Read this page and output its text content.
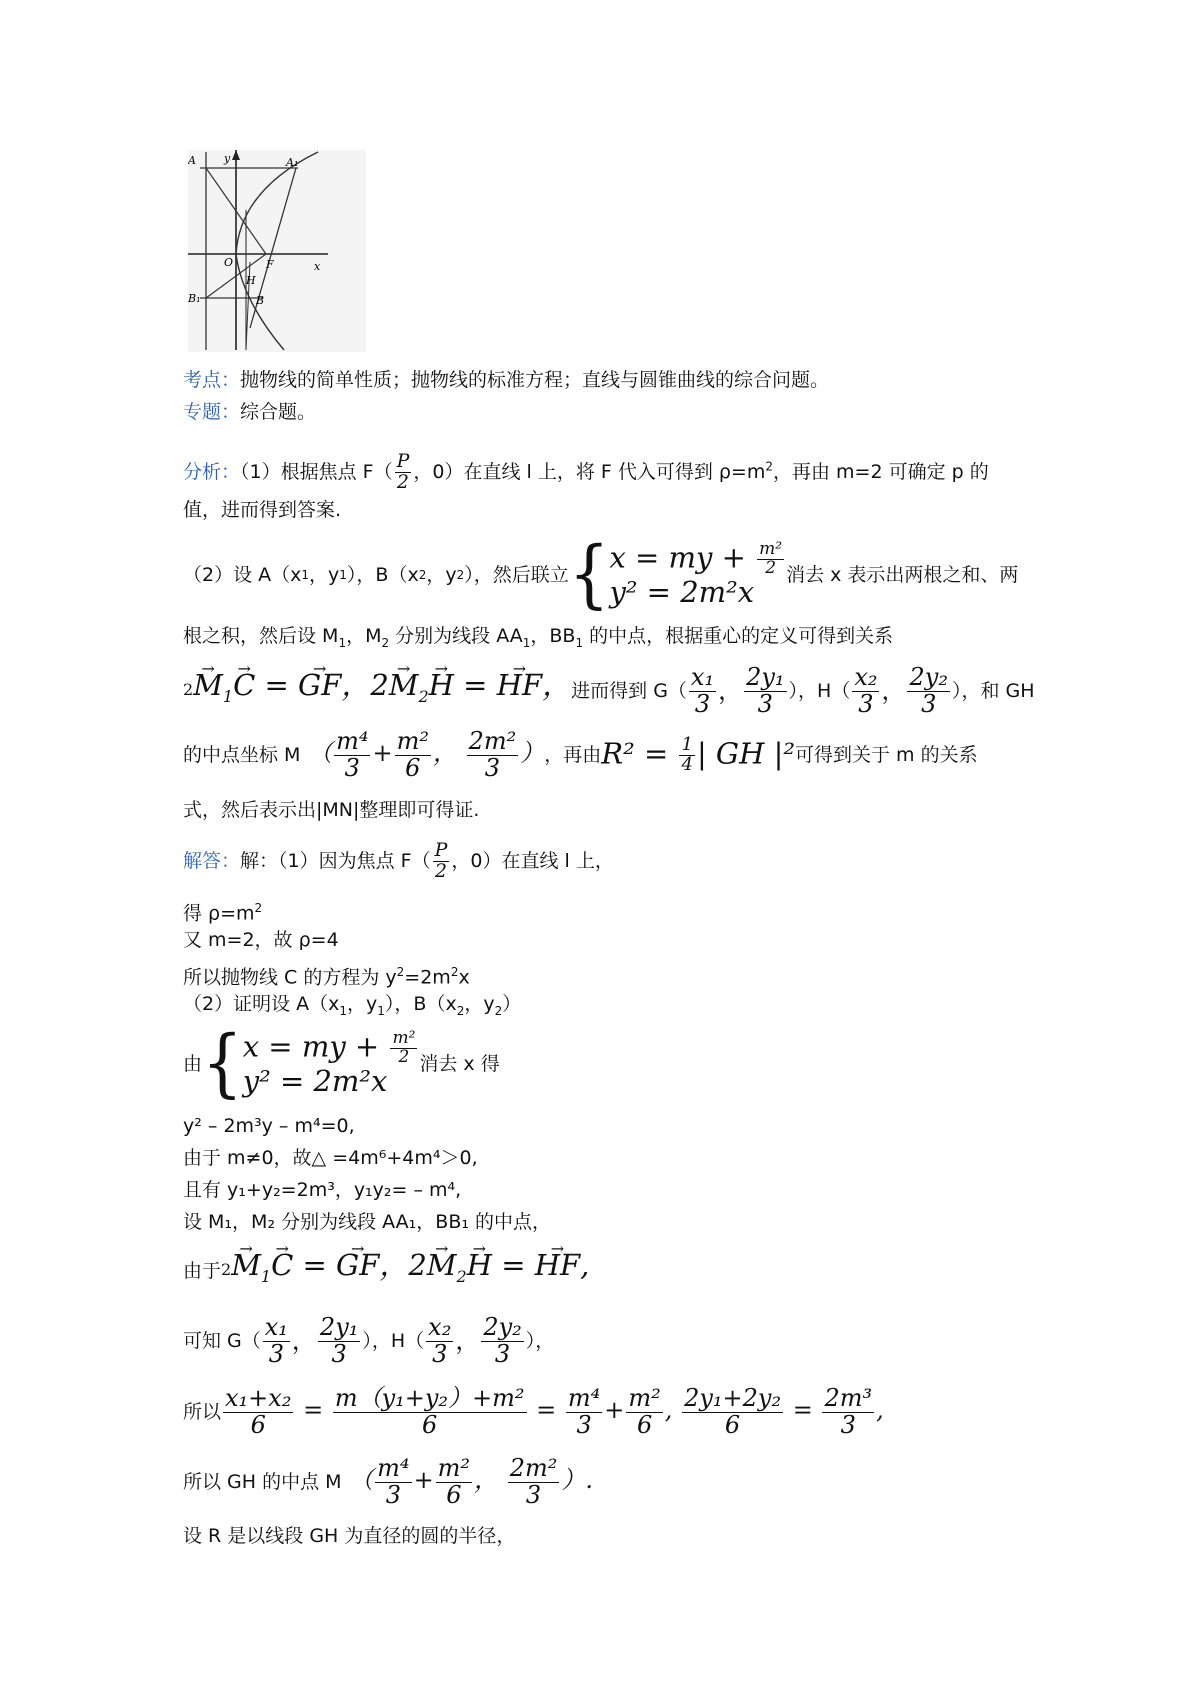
y	A₁
A
O	F	x
H
B₁	B
考点：抛物线的简单性质；抛物线的标准方程；直线与圆锥曲线的综合问题。
专题：综合题。
分析：（1）根据焦点 $F( \frac{P}{2}$ ，0）在直线 l 上，将 F 代入可得到 $\rho=m^2$，再由 m=2 可确定 p 的
值，进而得到答案.
（2）设 A（x 1 ，y 1 ），B（x 2 ，y 2 ），然后联立 { x = my + $\frac{\text{m²}}{2}$
y² = 2m²x
消去 x 表示出两根之和、两
根之积，然后设 $M_1$，$M_2$ 分别为线段 $AA_1$，$BB_1$ 的中点，根据重心的定义可得到关系
$2\to M_1\to C$ = → GF，$2\to M_2\to H$ = → HF， 进而得到 $G( \frac{\text{x₁}}{3}$ ， $\frac{\text{2y₁}}{3}$ ），$H( \frac{\text{x₂}}{3}$ ， $\frac{\text{2y₂}}{3}$ ），和 GH
的中点坐标 M （ $\frac{\text{m⁴}}{3} + \frac{\text{m²}}{6}$ ， $\frac{\text{2m²}}{3}$ ） ，再由 $R^2 = \frac{1}{4}$ | GH |² 可得到关于 m 的关系
式，然后表示出|MN|整理即可得证.
解答： 解：（1）因为焦点 $F( \frac{P}{2}$ ，0）在直线 l 上，
得 $\rho=m^2$
又 m=2，故 ρ=4
所以抛物线 C 的方程为 $y^2=2m^2x$
（2）证明设 $A(x_1$，$y_1$），$B(x_2$，$y_2$）
由 { x = my + $\frac{\text{m²}}{2}$
y² = 2m²x
消去 x 得
y² – 2m³y – m⁴=0,
由于 m≠0，故△ =4m⁶+4m⁴＞0,
且有 y₁+y₂=2m³，y₁y₂= – m⁴,
设 M₁，M₂ 分别为线段 AA₁，BB₁ 的中点，
由于 $2\to M_1\to C$ = → GF，$2\to M_2\to H$ = → HF,
可知 $G( \frac{\text{x₁}}{3}$ ， $\frac{\text{2y₁}}{3}$ ），$H( \frac{\text{x₂}}{3}$ ， $\frac{\text{2y₂}}{3}$ ），
所以 $\frac{\text{x₁+x₂}}{6} = \frac{\text{m（y₁+y₂）+m²}}{6} = \frac{\text{m⁴}}{3} + \frac{\text{m²}}{6}$ , $\frac{\text{2y₁+2y₂}}{6} = \frac{\text{2m³}}{3}$ ,
所以 GH 的中点 M （ $\frac{\text{m⁴}}{3} + \frac{\text{m²}}{6}$ ， $\frac{\text{2m²}}{3}$ ）.
设 R 是以线段 GH 为直径的圆的半径，
